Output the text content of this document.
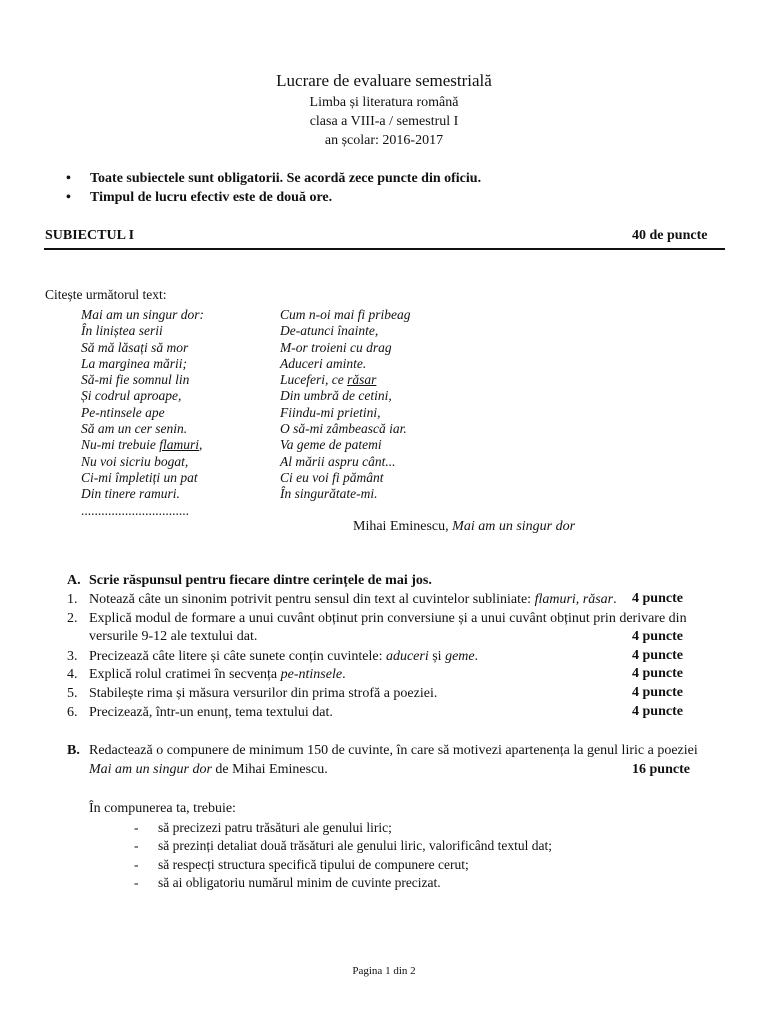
Lucrare de evaluare semestrială
Limba și literatura română
clasa a VIII-a / semestrul I
an școlar: 2016-2017
• Toate subiectele sunt obligatorii. Se acordă zece puncte din oficiu.
• Timpul de lucru efectiv este de două ore.
SUBIECTUL I	40 de puncte
Citește următorul text:
Mai am un singur dor:
În liniștea serii
Să mă lăsați să mor
La marginea mării;
Să-mi fie somnul lin
Și codrul aproape,
Pe-ntinsele ape
Să am un cer senin.
Nu-mi trebuie flamuri,
Nu voi sicriu bogat,
Ci-mi împletiți un pat
Din tinere ramuri.
................................
Cum n-oi mai fi pribeag
De-atunci înainte,
M-or troieni cu drag
Aduceri aminte.
Luceferi, ce răsar
Din umbră de cetini,
Fiindu-mi prietini,
O să-mi zâmbească iar.
Va geme de patemi
Al mării aspru cânt...
Ci eu voi fi pământ
În singurătate-mi.
Mihai Eminescu, Mai am un singur dor
A. Scrie răspunsul pentru fiecare dintre cerințele de mai jos.
1. Notează câte un sinonim potrivit pentru sensul din text al cuvintelor subliniate: flamuri, răsar. 4 puncte
2. Explică modul de formare a unui cuvânt obținut prin conversiune și a unui cuvânt obținut prin derivare din
versurile 9-12 ale textului dat.	4 puncte
3. Precizează câte litere și câte sunete conțin cuvintele: aduceri și geme.	4 puncte
4. Explică rolul cratimei în secvența pe-ntinsele.	4 puncte
5. Stabilește rima și măsura versurilor din prima strofă a poeziei.	4 puncte
6. Precizează, într-un enunț, tema textului dat.	4 puncte
B. Redactează o compunere de minimum 150 de cuvinte, în care să motivezi apartenența la genul liric a poeziei
Mai am un singur dor de Mihai Eminescu.	16 puncte
În compunerea ta, trebuie:
- să precizezi patru trăsături ale genului liric;
- să prezinți detaliat două trăsături ale genului liric, valorificând textul dat;
- să respecți structura specifică tipului de compunere cerut;
- să ai obligatoriu numărul minim de cuvinte precizat.
Pagina 1 din 2
